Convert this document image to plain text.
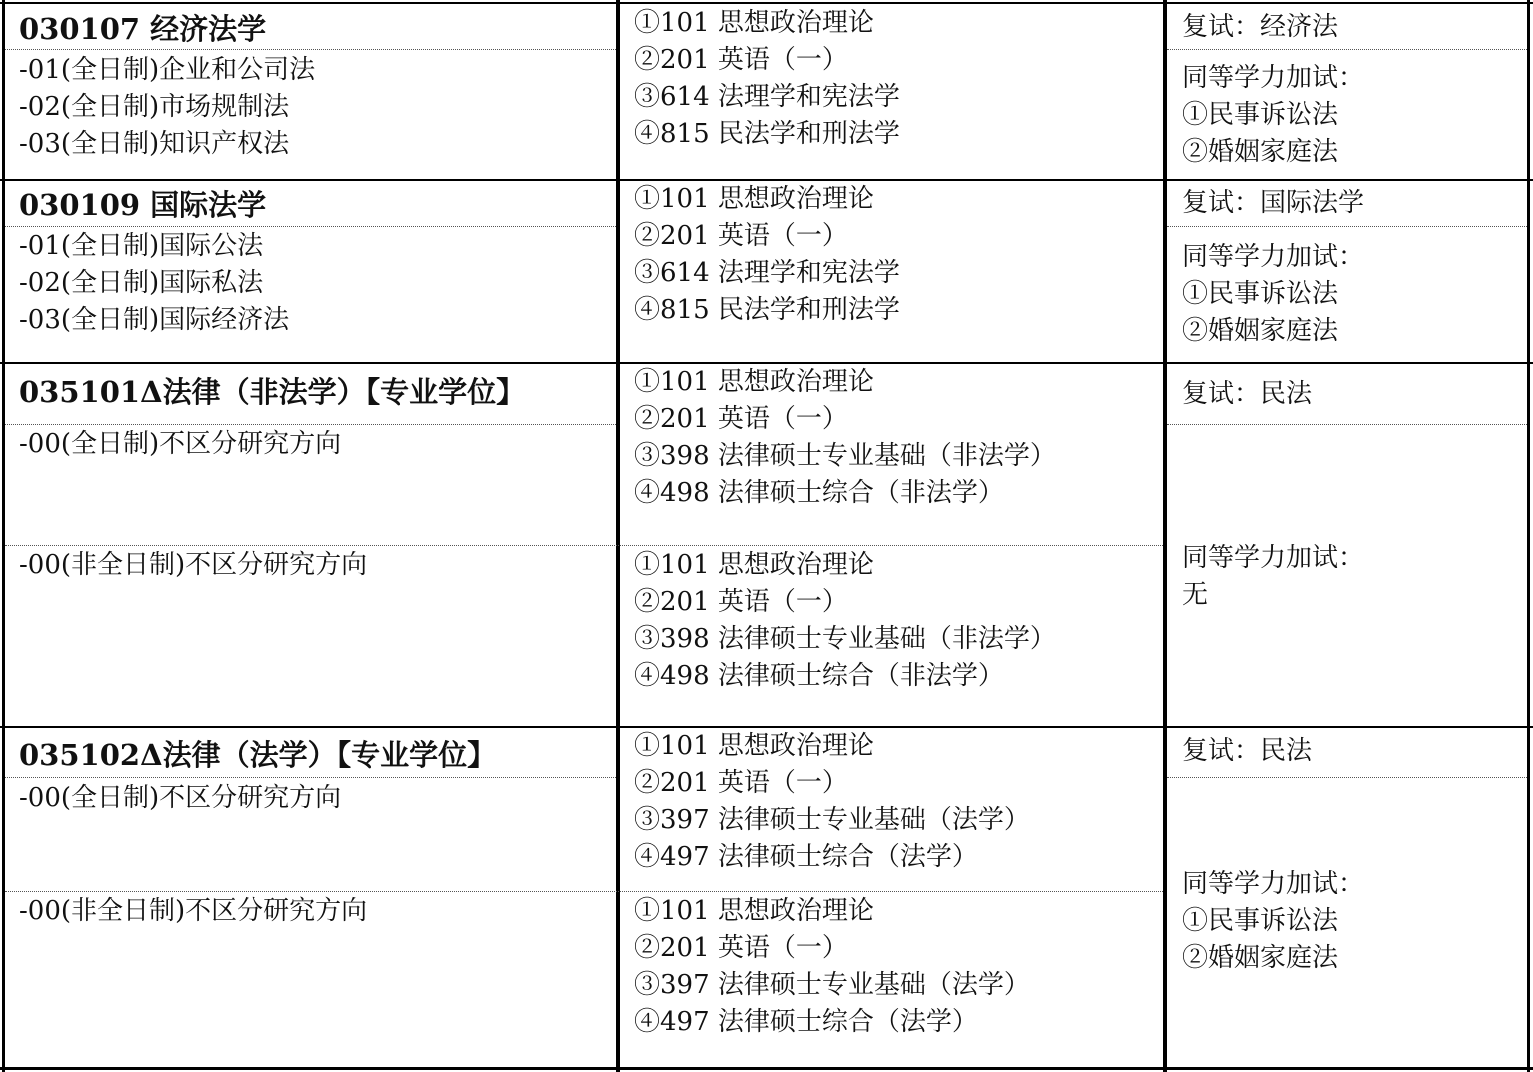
030107 经济法学
-01(全日制)企业和公司法
-02(全日制)市场规制法
-03(全日制)知识产权法
①101 思想政治理论
②201 英语（一）
③614 法理学和宪法学
④815 民法学和刑法学
复试：经济法
同等学力加试：
①民事诉讼法
②婚姻家庭法
030109 国际法学
-01(全日制)国际公法
-02(全日制)国际私法
-03(全日制)国际经济法
①101 思想政治理论
②201 英语（一）
③614 法理学和宪法学
④815 民法学和刑法学
复试：国际法学
同等学力加试：
①民事诉讼法
②婚姻家庭法
035101Δ法律（非法学）【专业学位】
-00(全日制)不区分研究方向
①101 思想政治理论
②201 英语（一）
③398 法律硕士专业基础（非法学）
④498 法律硕士综合（非法学）
-00(非全日制)不区分研究方向	①101 思想政治理论
②201 英语（一）
③398 法律硕士专业基础（非法学）
④498 法律硕士综合（非法学）
复试：民法
同等学力加试：
无
035102Δ法律（法学）【专业学位】
-00(全日制)不区分研究方向
①101 思想政治理论
②201 英语（一）
③397 法律硕士专业基础（法学）
④497 法律硕士综合（法学）
-00(非全日制)不区分研究方向	①101 思想政治理论
②201 英语（一）
③397 法律硕士专业基础（法学）
④497 法律硕士综合（法学）
复试：民法
同等学力加试：
①民事诉讼法
②婚姻家庭法
